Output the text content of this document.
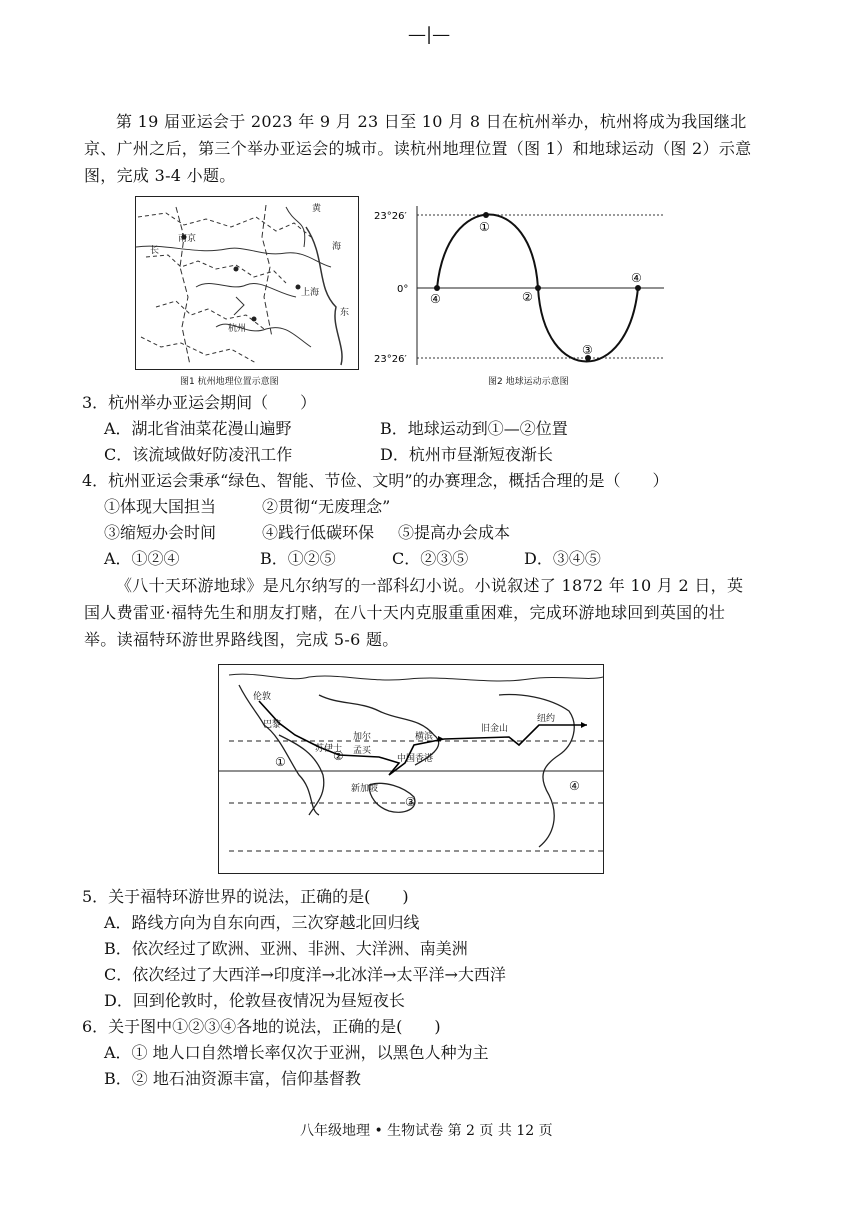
—|—
第 19 届亚运会于 2023 年 9 月 23 日至 10 月 8 日在杭州举办，杭州将成为我国继北京、广州之后，第三个举办亚运会的城市。读杭州地理位置（图 1）和地球运动（图 2）示意图，完成 3-4 小题。
南京
上海
杭州
黄
海
东
长
图1 杭州地理位置示意图
23°26′
0°
23°26′
①
②
③
④
④
图2 地球运动示意图
3．杭州举办亚运会期间（　　）
A．湖北省油菜花漫山遍野	B．地球运动到①—②位置
C．该流域做好防凌汛工作	D．杭州市昼渐短夜渐长
4．杭州亚运会秉承“绿色、智能、节俭、文明”的办赛理念，概括合理的是（　　）
①体现大国担当	②贯彻“无废理念”
③缩短办会时间	④践行低碳环保 ⑤提高办会成本
A．①②④	B．①②⑤	C．②③⑤	D．③④⑤
《八十天环游地球》是凡尔纳写的一部科幻小说。小说叙述了 1872 年 10 月 2 日，英国人费雷亚·福特先生和朋友打赌，在八十天内克服重重困难，完成环游地球回到英国的壮举。读福特环游世界路线图，完成 5-6 题。
伦敦
巴黎
苏伊士
加尔
孟买
横滨
中国香港
新加坡
旧金山
纽约
①	②
③
④
5．关于福特环游世界的说法，正确的是(　　)
A．路线方向为自东向西，三次穿越北回归线
B．依次经过了欧洲、亚洲、非洲、大洋洲、南美洲
C．依次经过了大西洋→印度洋→北冰洋→太平洋→大西洋
D．回到伦敦时，伦敦昼夜情况为昼短夜长
6．关于图中①②③④各地的说法，正确的是(　　)
A．① 地人口自然增长率仅次于亚洲，以黑色人种为主
B．② 地石油资源丰富，信仰基督教
八年级地理 • 生物试卷 第 2 页 共 12 页
